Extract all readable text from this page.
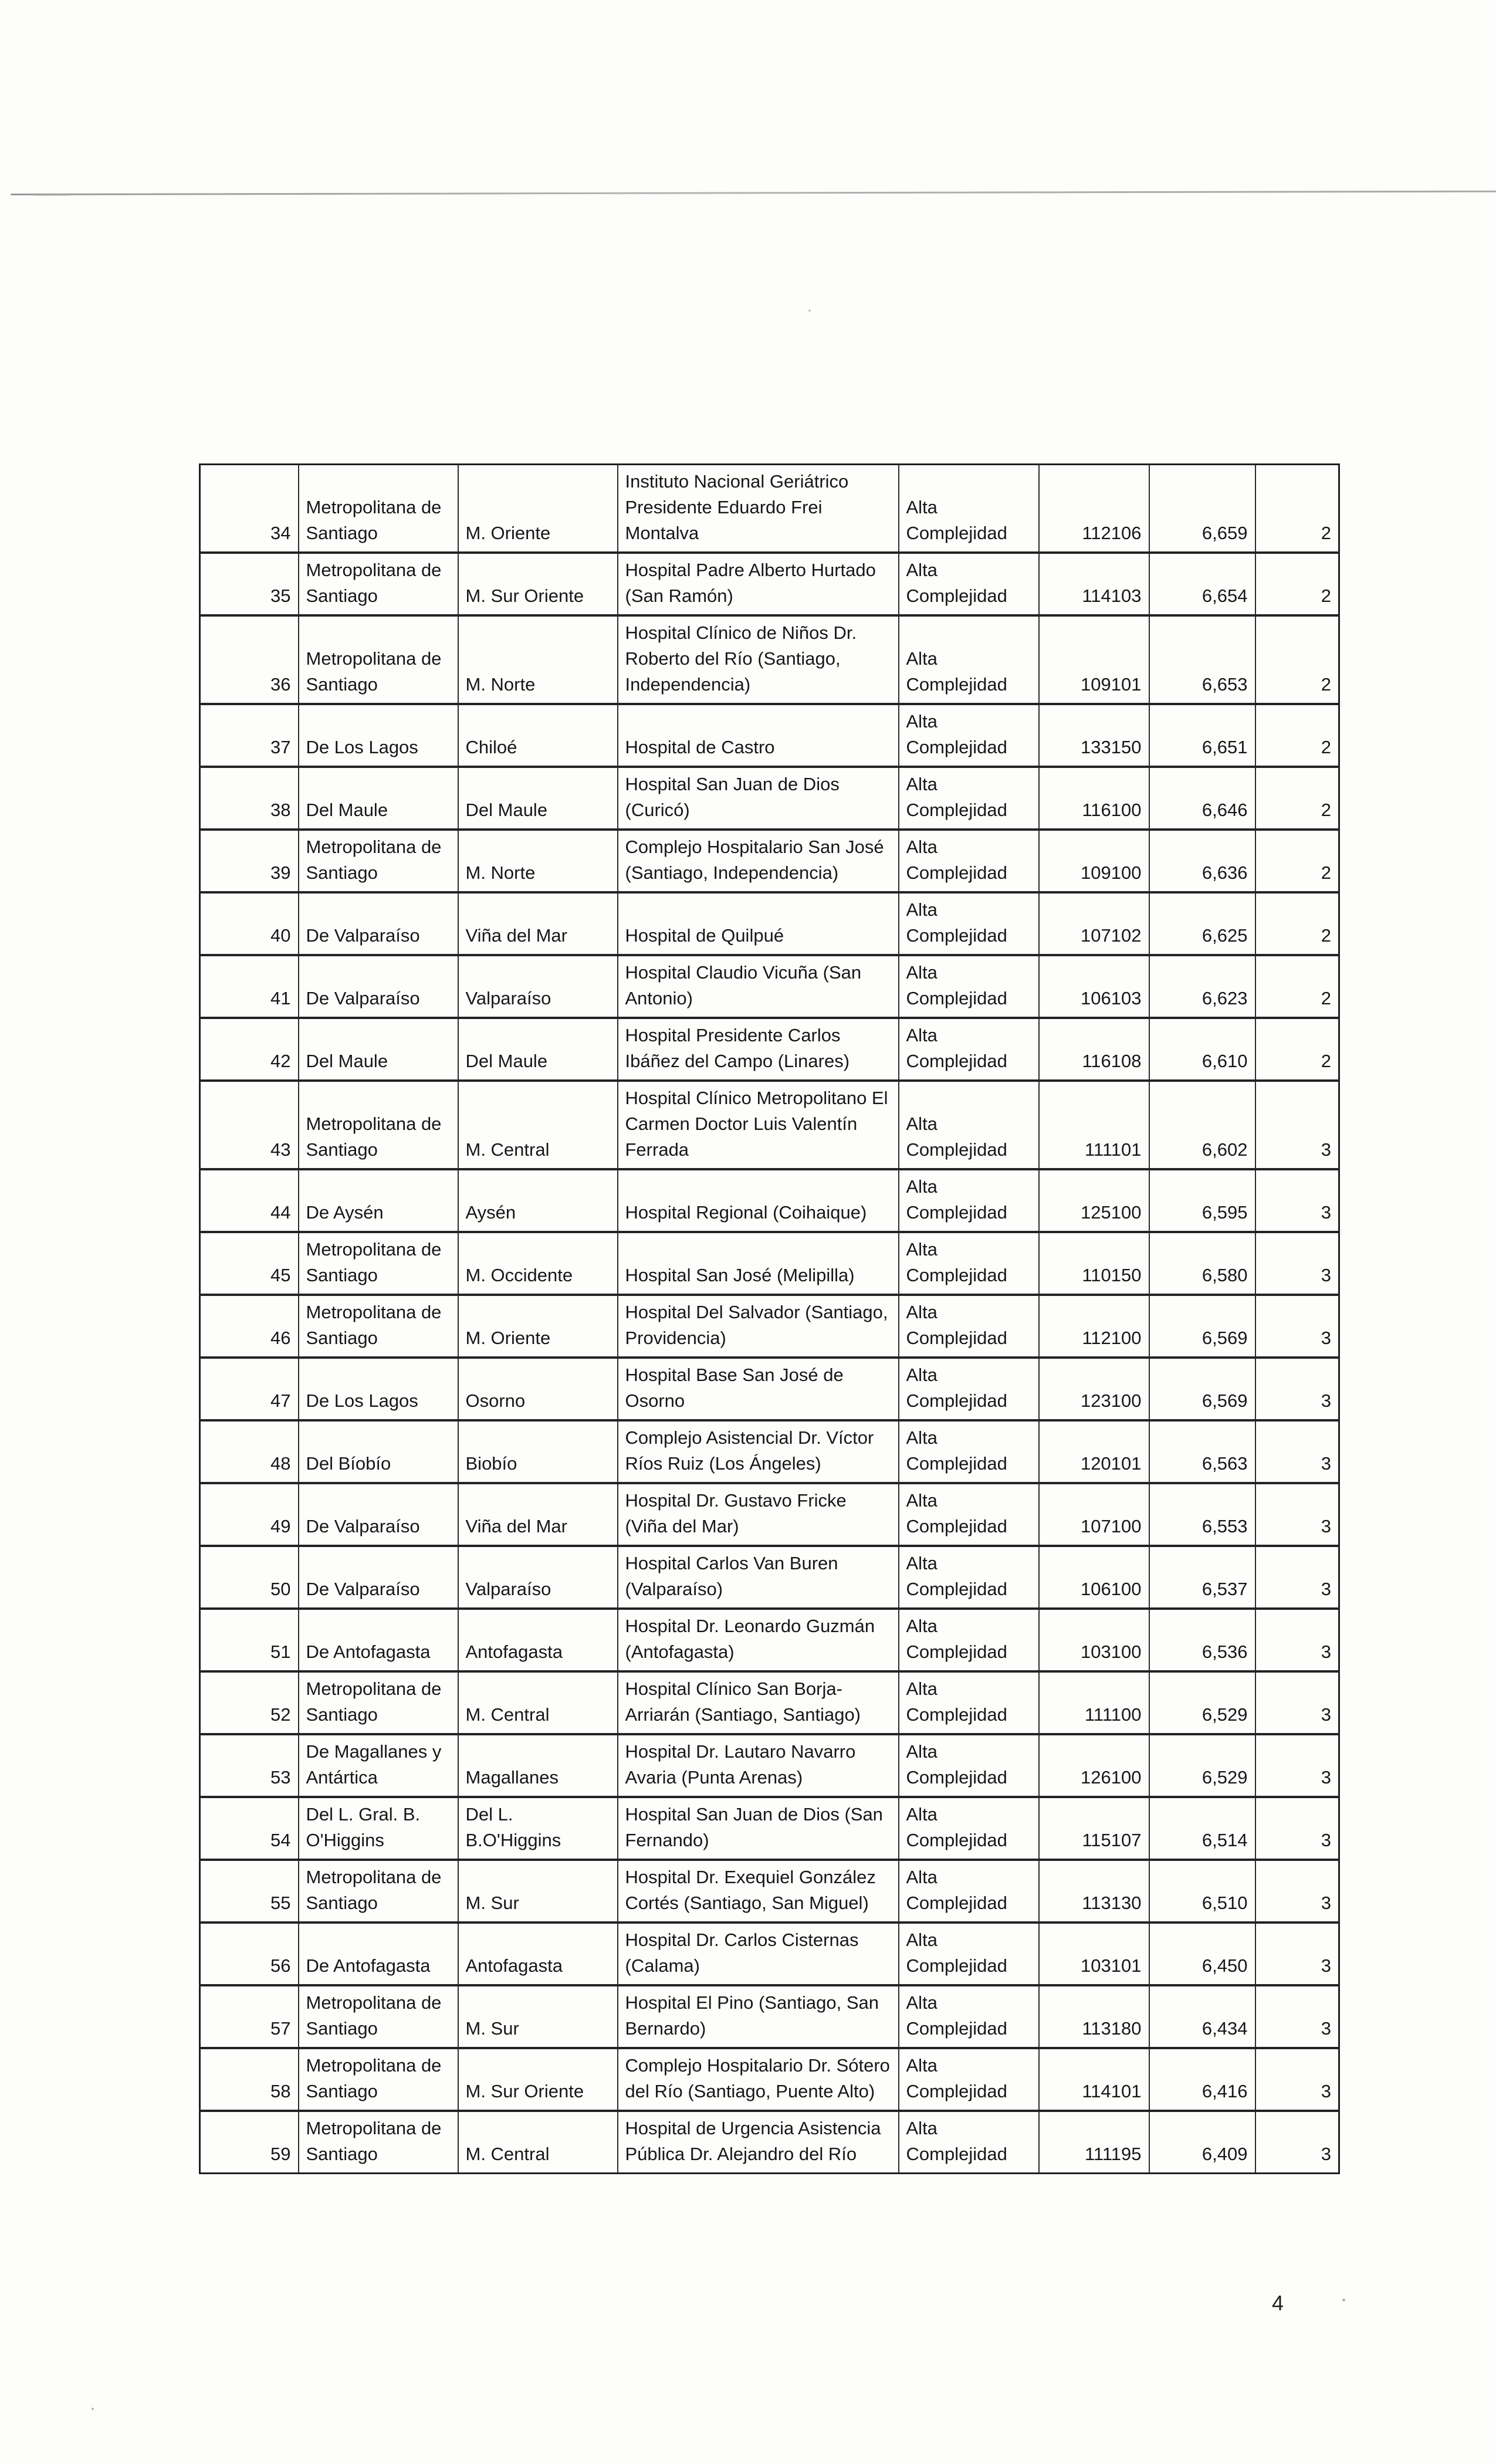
34	Metropolitana de Santiago	M. Oriente	Instituto Nacional Geriátrico Presidente Eduardo Frei Montalva	Alta Complejidad	112106	6,659	2
35	Metropolitana de Santiago	M. Sur Oriente	Hospital Padre Alberto Hurtado (San Ramón)	Alta Complejidad	114103	6,654	2
36	Metropolitana de Santiago	M. Norte	Hospital Clínico de Niños Dr. Roberto del Río (Santiago, Independencia)	Alta Complejidad	109101	6,653	2
37	De Los Lagos	Chiloé	Hospital de Castro	Alta Complejidad	133150	6,651	2
38	Del Maule	Del Maule	Hospital San Juan de Dios (Curicó)	Alta Complejidad	116100	6,646	2
39	Metropolitana de Santiago	M. Norte	Complejo Hospitalario San José (Santiago, Independencia)	Alta Complejidad	109100	6,636	2
40	De Valparaíso	Viña del Mar	Hospital de Quilpué	Alta Complejidad	107102	6,625	2
41	De Valparaíso	Valparaíso	Hospital Claudio Vicuña (San Antonio)	Alta Complejidad	106103	6,623	2
42	Del Maule	Del Maule	Hospital Presidente Carlos Ibáñez del Campo (Linares)	Alta Complejidad	116108	6,610	2
43	Metropolitana de Santiago	M. Central	Hospital Clínico Metropolitano El Carmen Doctor Luis Valentín Ferrada	Alta Complejidad	111101	6,602	3
44	De Aysén	Aysén	Hospital Regional (Coihaique)	Alta Complejidad	125100	6,595	3
45	Metropolitana de Santiago	M. Occidente	Hospital San José (Melipilla)	Alta Complejidad	110150	6,580	3
46	Metropolitana de Santiago	M. Oriente	Hospital Del Salvador (Santiago, Providencia)	Alta Complejidad	112100	6,569	3
47	De Los Lagos	Osorno	Hospital Base San José de Osorno	Alta Complejidad	123100	6,569	3
48	Del Bíobío	Biobío	Complejo Asistencial Dr. Víctor Ríos Ruiz (Los Ángeles)	Alta Complejidad	120101	6,563	3
49	De Valparaíso	Viña del Mar	Hospital Dr. Gustavo Fricke (Viña del Mar)	Alta Complejidad	107100	6,553	3
50	De Valparaíso	Valparaíso	Hospital Carlos Van Buren (Valparaíso)	Alta Complejidad	106100	6,537	3
51	De Antofagasta	Antofagasta	Hospital Dr. Leonardo Guzmán (Antofagasta)	Alta Complejidad	103100	6,536	3
52	Metropolitana de Santiago	M. Central	Hospital Clínico San Borja-Arriarán (Santiago, Santiago)	Alta Complejidad	111100	6,529	3
53	De Magallanes y Antártica	Magallanes	Hospital Dr. Lautaro Navarro Avaria (Punta Arenas)	Alta Complejidad	126100	6,529	3
54	Del L. Gral. B. O'Higgins	Del L. B.O'Higgins	Hospital San Juan de Dios (San Fernando)	Alta Complejidad	115107	6,514	3
55	Metropolitana de Santiago	M. Sur	Hospital Dr. Exequiel González Cortés (Santiago, San Miguel)	Alta Complejidad	113130	6,510	3
56	De Antofagasta	Antofagasta	Hospital Dr. Carlos Cisternas (Calama)	Alta Complejidad	103101	6,450	3
57	Metropolitana de Santiago	M. Sur	Hospital El Pino (Santiago, San Bernardo)	Alta Complejidad	113180	6,434	3
58	Metropolitana de Santiago	M. Sur Oriente	Complejo Hospitalario Dr. Sótero del Río (Santiago, Puente Alto)	Alta Complejidad	114101	6,416	3
59	Metropolitana de Santiago	M. Central	Hospital de Urgencia Asistencia Pública Dr. Alejandro del Río	Alta Complejidad	111195	6,409	3
4
